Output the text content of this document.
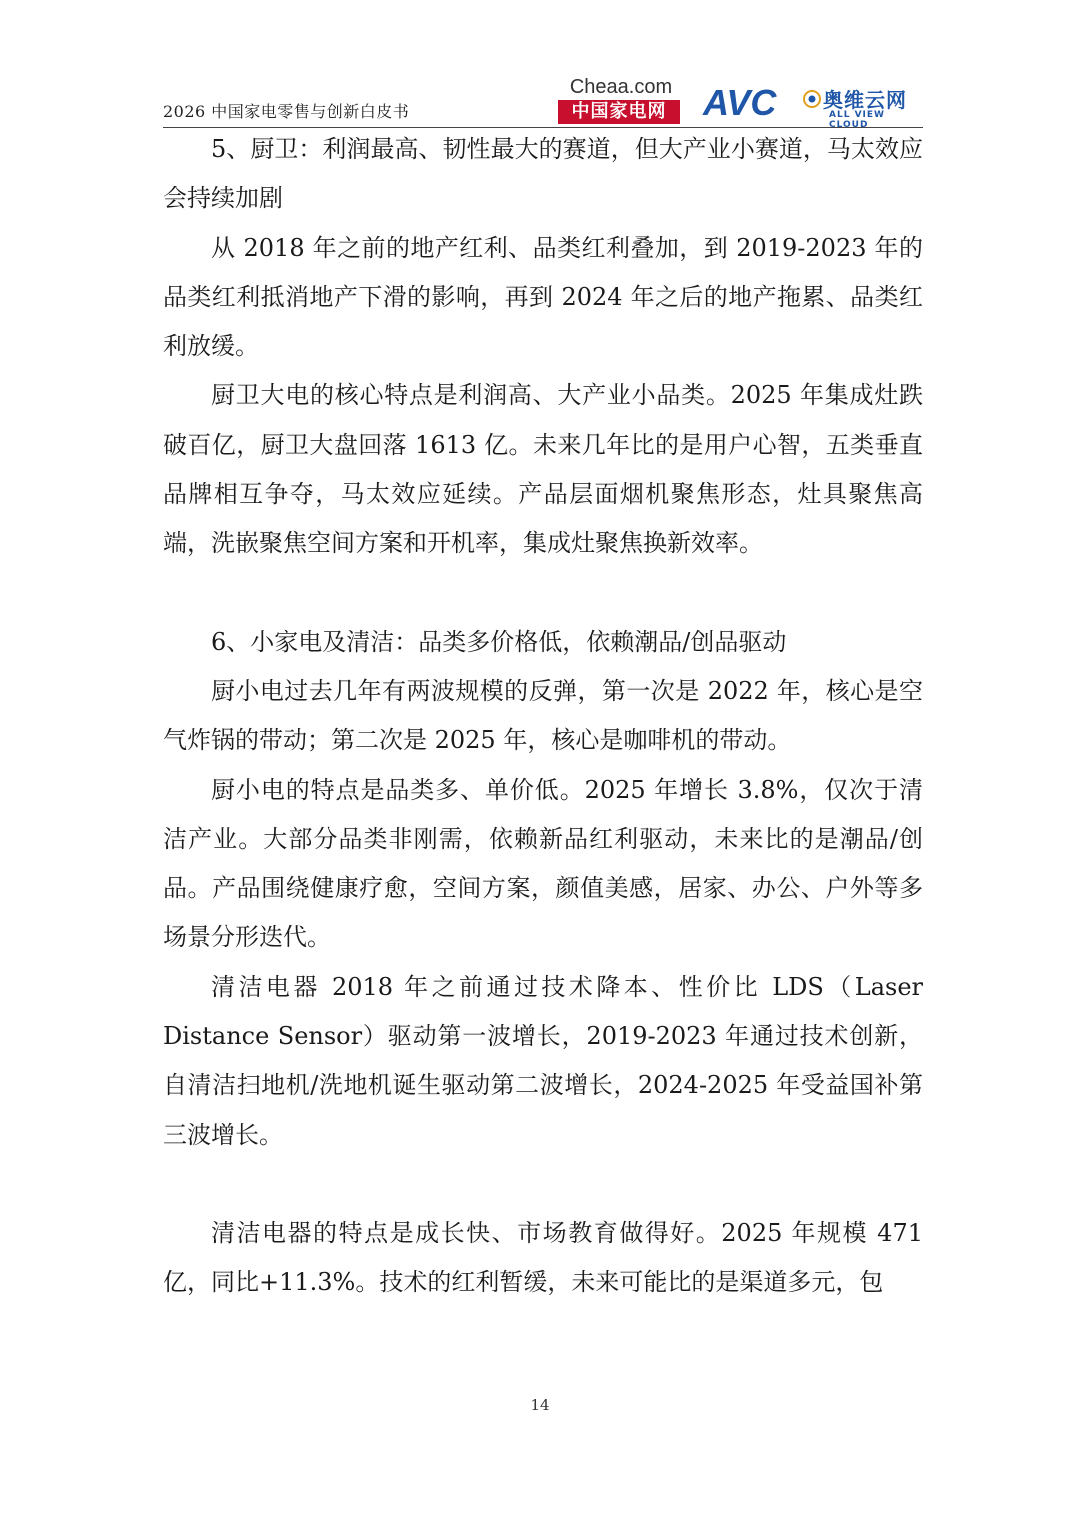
2026 中国家电零售与创新白皮书
Cheaa.com
中国家电网	AVC 奥维云网
ALL VIEW CLOUD

5、厨卫：利润最高、韧性最大的赛道，但大产业小赛道，马太效应会持续加剧

从 2018 年之前的地产红利、品类红利叠加，到 2019-2023 年的品类红利抵消地产下滑的影响，再到 2024 年之后的地产拖累、品类红利放缓。

厨卫大电的核心特点是利润高、大产业小品类。2025 年集成灶跌破百亿，厨卫大盘回落 1613 亿。未来几年比的是用户心智，五类垂直品牌相互争夺，马太效应延续。产品层面烟机聚焦形态，灶具聚焦高端，洗嵌聚焦空间方案和开机率，集成灶聚焦换新效率。

6、小家电及清洁：品类多价格低，依赖潮品/创品驱动

厨小电过去几年有两波规模的反弹，第一次是 2022 年，核心是空气炸锅的带动；第二次是 2025 年，核心是咖啡机的带动。

厨小电的特点是品类多、单价低。2025 年增长 3.8%，仅次于清洁产业。大部分品类非刚需，依赖新品红利驱动，未来比的是潮品/创品。产品围绕健康疗愈，空间方案，颜值美感，居家、办公、户外等多场景分形迭代。

清洁电器 2018 年之前通过技术降本、性价比 LDS（Laser Distance Sensor）驱动第一波增长，2019-2023 年通过技术创新，自清洁扫地机/洗地机诞生驱动第二波增长，2024-2025 年受益国补第三波增长。

清洁电器的特点是成长快、市场教育做得好。2025 年规模 471 亿，同比+11.3%。技术的红利暂缓，未来可能比的是渠道多元，包

14
